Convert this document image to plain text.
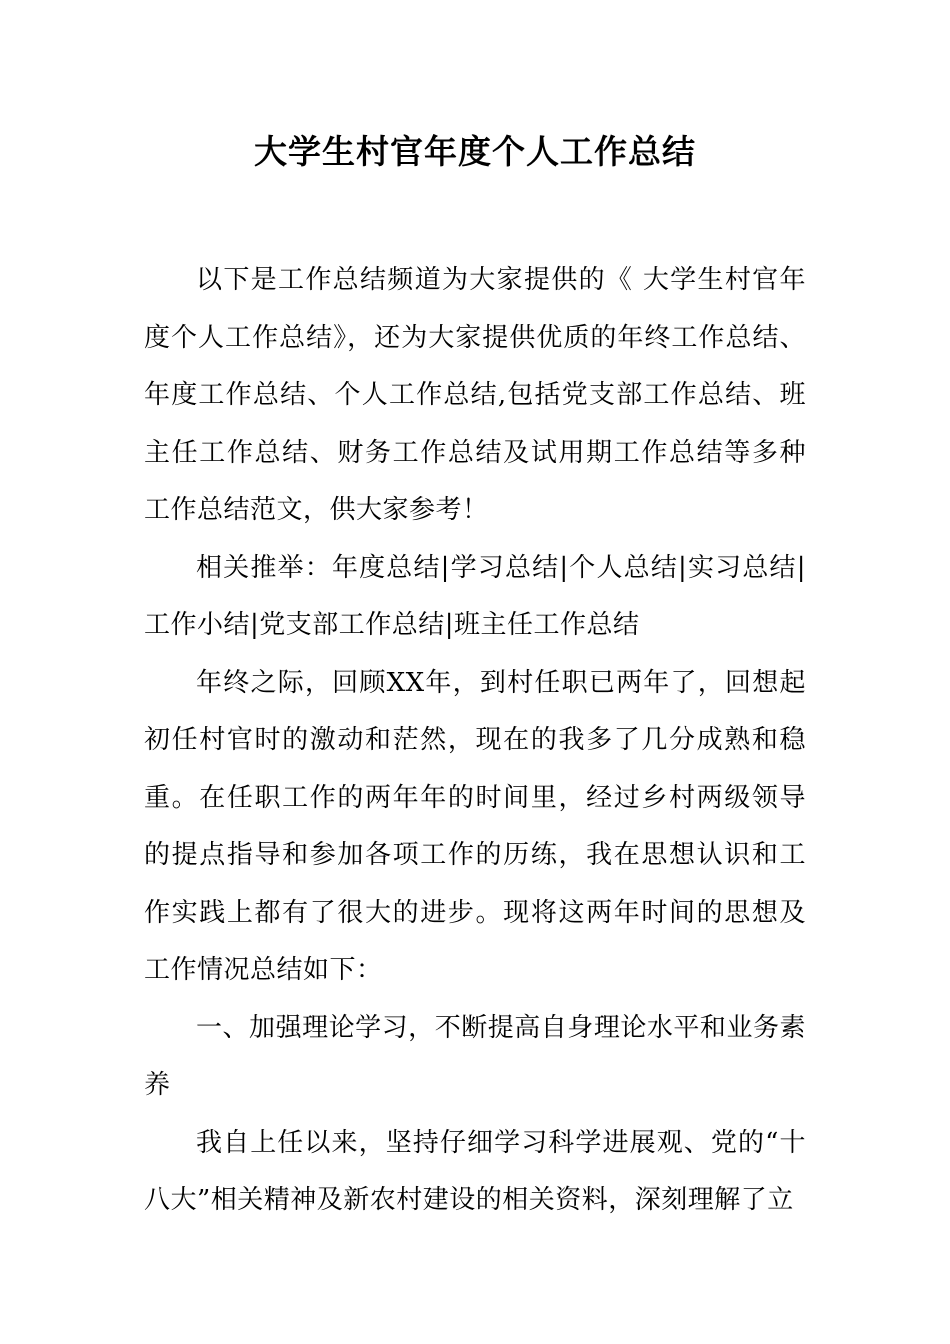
大学生村官年度个人工作总结

以下是工作总结频道为大家提供的《 大学生村官年度个人工作总结》，还为大家提供优质的年终工作总结、年度工作总结、个人工作总结,包括党支部工作总结、班主任工作总结、财务工作总结及试用期工作总结等多种工作总结范文，供大家参考！

相关推举：年度总结|学习总结|个人总结|实习总结|工作小结|党支部工作总结|班主任工作总结

年终之际，回顾XX年，到村任职已两年了，回想起初任村官时的激动和茫然，现在的我多了几分成熟和稳重。在任职工作的两年年的时间里，经过乡村两级领导的提点指导和参加各项工作的历练，我在思想认识和工作实践上都有了很大的进步。现将这两年时间的思想及工作情况总结如下：

一、加强理论学习，不断提高自身理论水平和业务素养

我自上任以来，坚持仔细学习科学进展观、党的“十八大”相关精神及新农村建设的相关资料，深刻理解了立
